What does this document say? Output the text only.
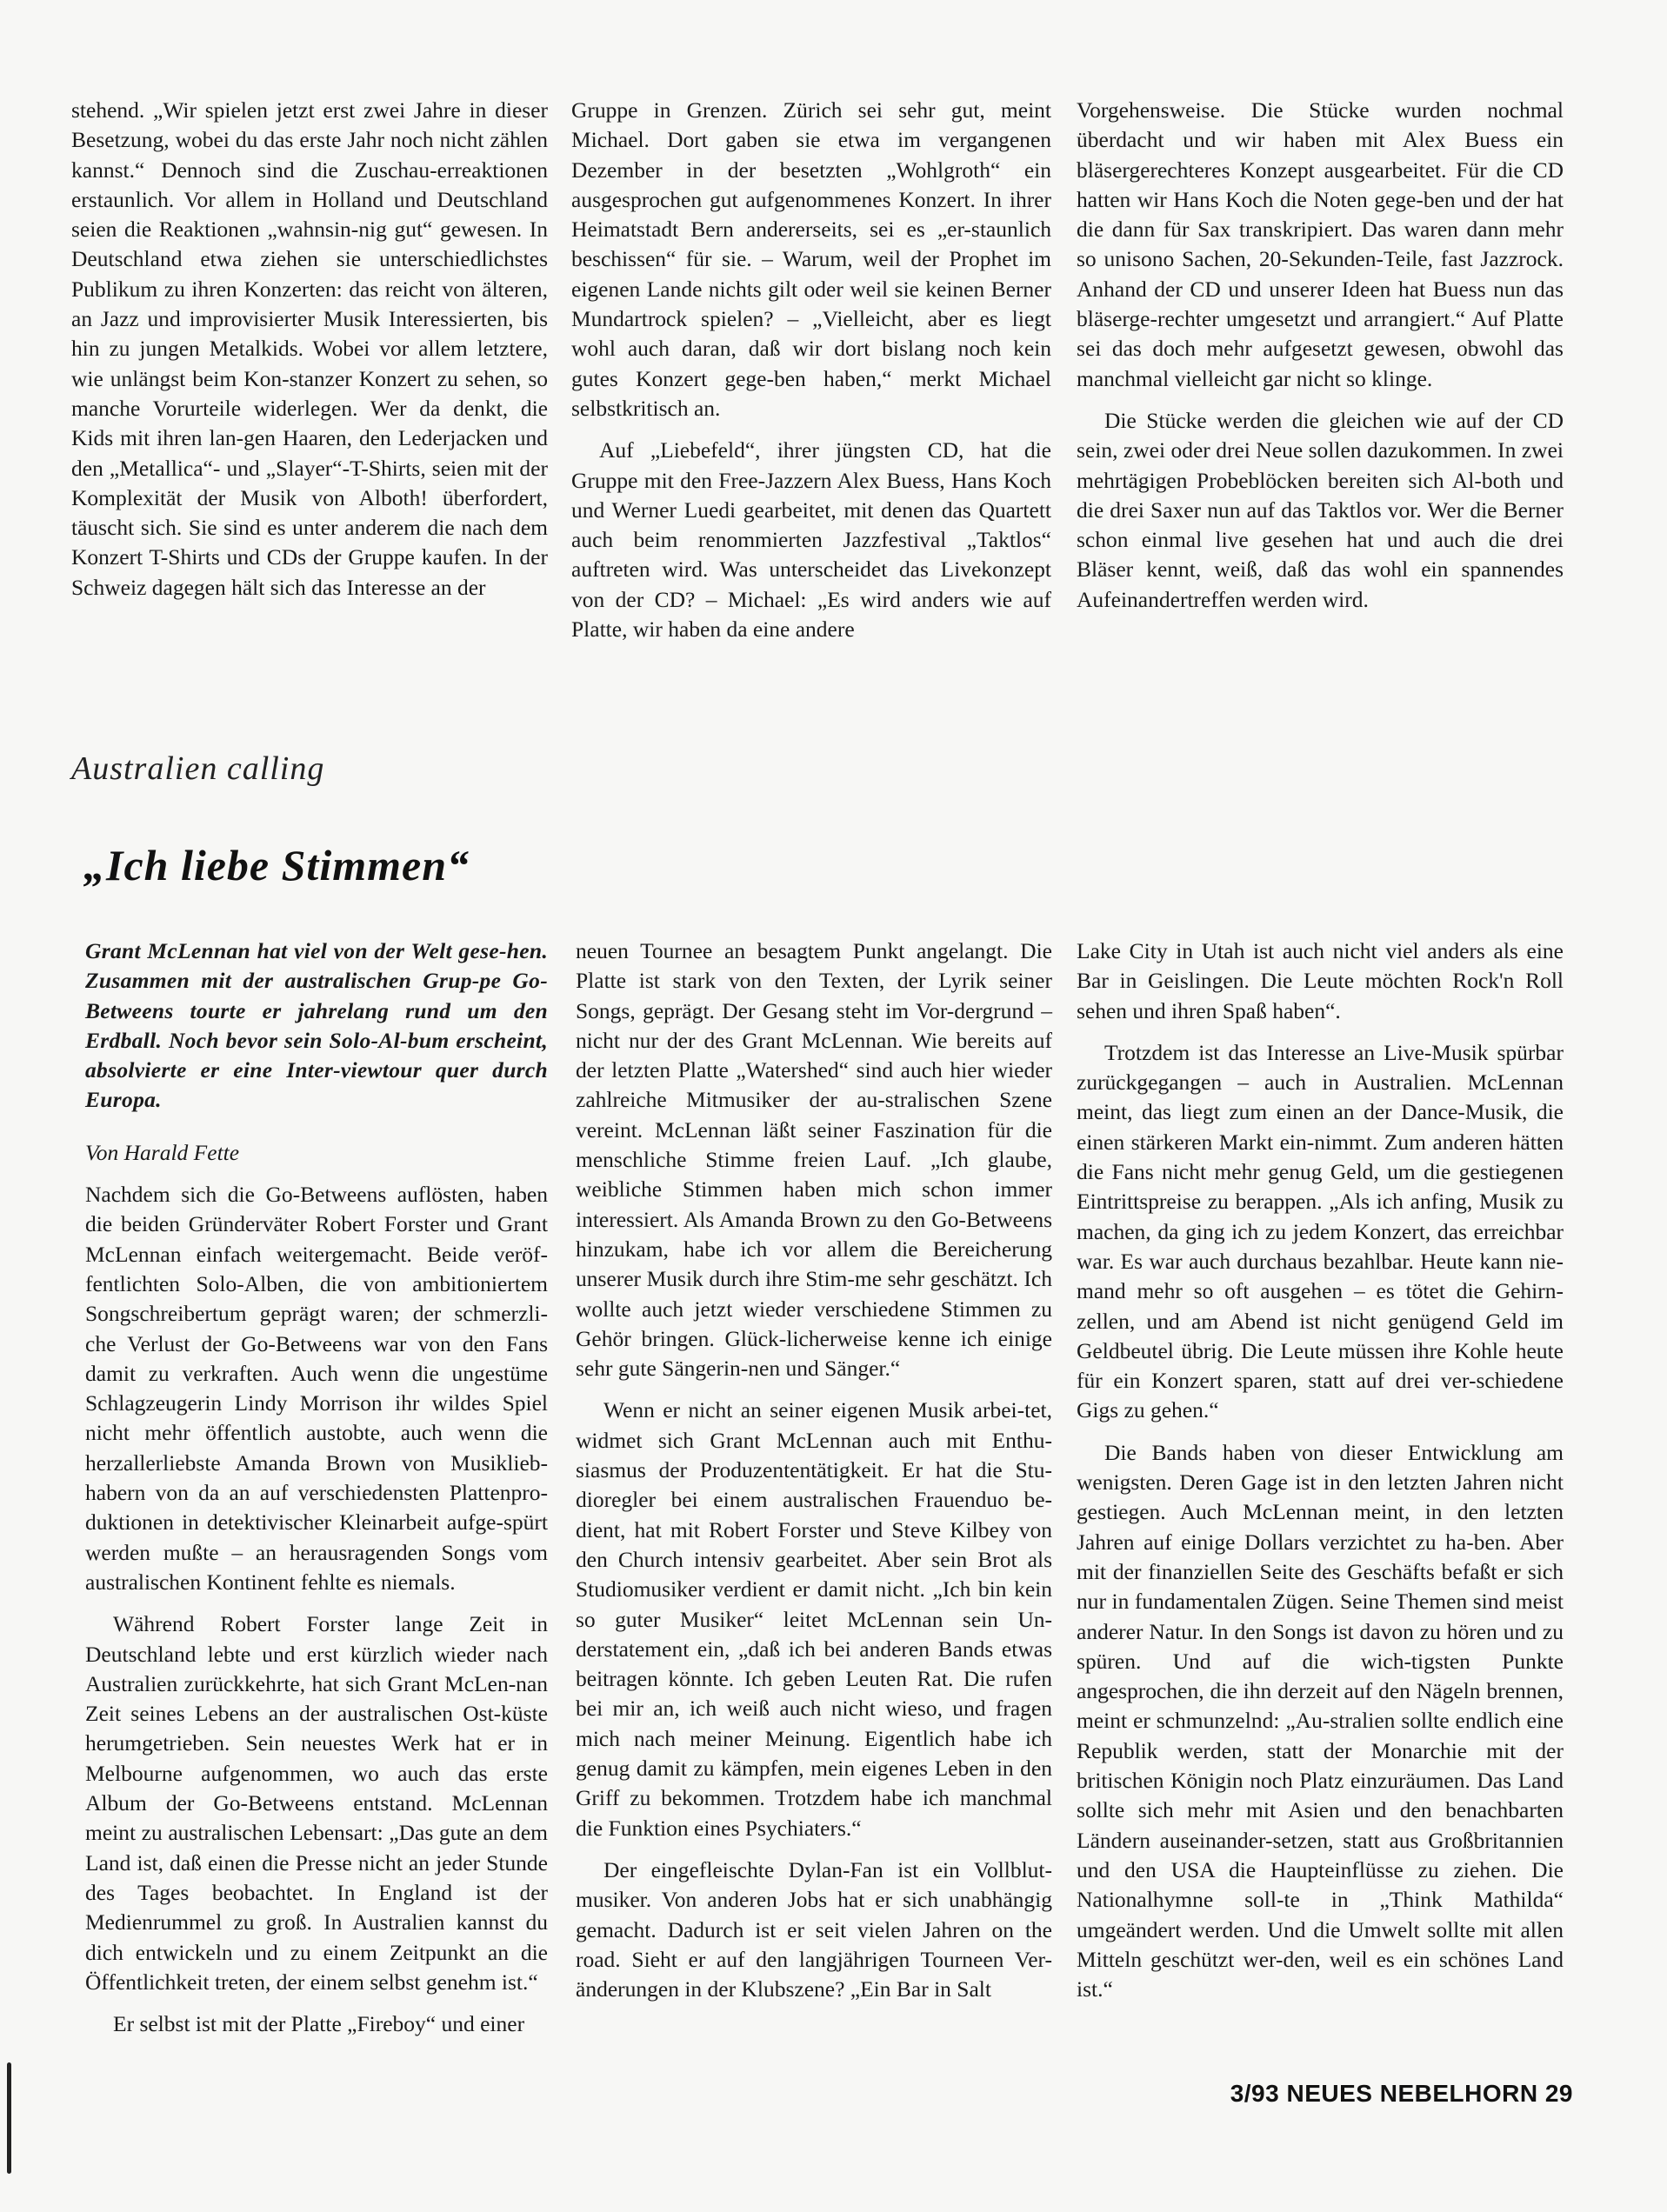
stehend. „Wir spielen jetzt erst zwei Jahre in dieser Besetzung, wobei du das erste Jahr noch nicht zählen kannst.“ Dennoch sind die Zuschau-erreaktionen erstaunlich. Vor allem in Holland und Deutschland seien die Reaktionen „wahnsin-nig gut“ gewesen. In Deutschland etwa ziehen sie unterschiedlichstes Publikum zu ihren Konzerten: das reicht von älteren, an Jazz und improvisierter Musik Interessierten, bis hin zu jungen Metalkids. Wobei vor allem letztere, wie unlängst beim Kon-stanzer Konzert zu sehen, so manche Vorurteile widerlegen. Wer da denkt, die Kids mit ihren lan-gen Haaren, den Lederjacken und den „Metallica“- und „Slayer“-T-Shirts, seien mit der Komplexität der Musik von Alboth! überfordert, täuscht sich. Sie sind es unter anderem die nach dem Konzert T-Shirts und CDs der Gruppe kaufen. In der Schweiz dagegen hält sich das Interesse an der

Gruppe in Grenzen. Zürich sei sehr gut, meint Michael. Dort gaben sie etwa im vergangenen Dezember in der besetzten „Wohlgroth“ ein ausgesprochen gut aufgenommenes Konzert. In ihrer Heimatstadt Bern andererseits, sei es „er-staunlich beschissen“ für sie. – Warum, weil der Prophet im eigenen Lande nichts gilt oder weil sie keinen Berner Mundartrock spielen? – „Vielleicht, aber es liegt wohl auch daran, daß wir dort bislang noch kein gutes Konzert gege-ben haben,“ merkt Michael selbstkritisch an.

Auf „Liebefeld“, ihrer jüngsten CD, hat die Gruppe mit den Free-Jazzern Alex Buess, Hans Koch und Werner Luedi gearbeitet, mit denen das Quartett auch beim renommierten Jazzfestival „Taktlos“ auftreten wird. Was unterscheidet das Livekonzept von der CD? – Michael: „Es wird anders wie auf Platte, wir haben da eine andere

Vorgehensweise. Die Stücke wurden nochmal überdacht und wir haben mit Alex Buess ein bläsergerechteres Konzept ausgearbeitet. Für die CD hatten wir Hans Koch die Noten gege-ben und der hat die dann für Sax transkripiert. Das waren dann mehr so unisono Sachen, 20-Sekunden-Teile, fast Jazzrock. Anhand der CD und unserer Ideen hat Buess nun das bläserge-rechter umgesetzt und arrangiert.“ Auf Platte sei das doch mehr aufgesetzt gewesen, obwohl das manchmal vielleicht gar nicht so klinge.

Die Stücke werden die gleichen wie auf der CD sein, zwei oder drei Neue sollen dazukommen. In zwei mehrtägigen Probeblöcken bereiten sich Al-both und die drei Saxer nun auf das Taktlos vor. Wer die Berner schon einmal live gesehen hat und auch die drei Bläser kennt, weiß, daß das wohl ein spannendes Aufeinandertreffen werden wird.

Australien calling
„Ich liebe Stimmen“

Grant McLennan hat viel von der Welt gese-hen. Zusammen mit der australischen Grup-pe Go-Betweens tourte er jahrelang rund um den Erdball. Noch bevor sein Solo-Al-bum erscheint, absolvierte er eine Inter-viewtour quer durch Europa.

Von Harald Fette

Nachdem sich die Go-Betweens auflösten, haben die beiden Gründerväter Robert Forster und Grant McLennan einfach weitergemacht. Beide veröf-fentlichten Solo-Alben, die von ambitioniertem Songschreibertum geprägt waren; der schmerzli-che Verlust der Go-Betweens war von den Fans damit zu verkraften. Auch wenn die ungestüme Schlagzeugerin Lindy Morrison ihr wildes Spiel nicht mehr öffentlich austobte, auch wenn die herzallerliebste Amanda Brown von Musiklieb-habern von da an auf verschiedensten Plattenpro-duktionen in detektivischer Kleinarbeit aufge-spürt werden mußte – an herausragenden Songs vom australischen Kontinent fehlte es niemals.

Während Robert Forster lange Zeit in Deutschland lebte und erst kürzlich wieder nach Australien zurückkehrte, hat sich Grant McLen-nan Zeit seines Lebens an der australischen Ost-küste herumgetrieben. Sein neuestes Werk hat er in Melbourne aufgenommen, wo auch das erste Album der Go-Betweens entstand. McLennan meint zu australischen Lebensart: „Das gute an dem Land ist, daß einen die Presse nicht an jeder Stunde des Tages beobachtet. In England ist der Medienrummel zu groß. In Australien kannst du dich entwickeln und zu einem Zeitpunkt an die Öffentlichkeit treten, der einem selbst genehm ist.“

Er selbst ist mit der Platte „Fireboy“ und einer

neuen Tournee an besagtem Punkt angelangt. Die Platte ist stark von den Texten, der Lyrik seiner Songs, geprägt. Der Gesang steht im Vor-dergrund – nicht nur der des Grant McLennan. Wie bereits auf der letzten Platte „Watershed“ sind auch hier wieder zahlreiche Mitmusiker der au-stralischen Szene vereint. McLennan läßt seiner Faszination für die menschliche Stimme freien Lauf. „Ich glaube, weibliche Stimmen haben mich schon immer interessiert. Als Amanda Brown zu den Go-Betweens hinzukam, habe ich vor allem die Bereicherung unserer Musik durch ihre Stim-me sehr geschätzt. Ich wollte auch jetzt wieder verschiedene Stimmen zu Gehör bringen. Glück-licherweise kenne ich einige sehr gute Sängerin-nen und Sänger.“

Wenn er nicht an seiner eigenen Musik arbei-tet, widmet sich Grant McLennan auch mit Enthu-siasmus der Produzententätigkeit. Er hat die Stu-dioregler bei einem australischen Frauenduo be-dient, hat mit Robert Forster und Steve Kilbey von den Church intensiv gearbeitet. Aber sein Brot als Studiomusiker verdient er damit nicht. „Ich bin kein so guter Musiker“ leitet McLennan sein Un-derstatement ein, „daß ich bei anderen Bands etwas beitragen könnte. Ich geben Leuten Rat. Die rufen bei mir an, ich weiß auch nicht wieso, und fragen mich nach meiner Meinung. Eigentlich habe ich genug damit zu kämpfen, mein eigenes Leben in den Griff zu bekommen. Trotzdem habe ich manchmal die Funktion eines Psychiaters.“

Der eingefleischte Dylan-Fan ist ein Vollblut-musiker. Von anderen Jobs hat er sich unabhängig gemacht. Dadurch ist er seit vielen Jahren on the road. Sieht er auf den langjährigen Tourneen Ver-änderungen in der Klubszene? „Ein Bar in Salt

Lake City in Utah ist auch nicht viel anders als eine Bar in Geislingen. Die Leute möchten Rock'n Roll sehen und ihren Spaß haben“.

Trotzdem ist das Interesse an Live-Musik spürbar zurückgegangen – auch in Australien. McLennan meint, das liegt zum einen an der Dance-Musik, die einen stärkeren Markt ein-nimmt. Zum anderen hätten die Fans nicht mehr genug Geld, um die gestiegenen Eintrittspreise zu berappen. „Als ich anfing, Musik zu machen, da ging ich zu jedem Konzert, das erreichbar war. Es war auch durchaus bezahlbar. Heute kann nie-mand mehr so oft ausgehen – es tötet die Gehirn-zellen, und am Abend ist nicht genügend Geld im Geldbeutel übrig. Die Leute müssen ihre Kohle heute für ein Konzert sparen, statt auf drei ver-schiedene Gigs zu gehen.“

Die Bands haben von dieser Entwicklung am wenigsten. Deren Gage ist in den letzten Jahren nicht gestiegen. Auch McLennan meint, in den letzten Jahren auf einige Dollars verzichtet zu ha-ben. Aber mit der finanziellen Seite des Geschäfts befaßt er sich nur in fundamentalen Zügen. Seine Themen sind meist anderer Natur. In den Songs ist davon zu hören und zu spüren. Und auf die wich-tigsten Punkte angesprochen, die ihn derzeit auf den Nägeln brennen, meint er schmunzelnd: „Au-stralien sollte endlich eine Republik werden, statt der Monarchie mit der britischen Königin noch Platz einzuräumen. Das Land sollte sich mehr mit Asien und den benachbarten Ländern auseinander-setzen, statt aus Großbritannien und den USA die Haupteinflüsse zu ziehen. Die Nationalhymne soll-te in „Think Mathilda“ umgeändert werden. Und die Umwelt sollte mit allen Mitteln geschützt wer-den, weil es ein schönes Land ist.“

3/93 NEUES NEBELHORN 29
